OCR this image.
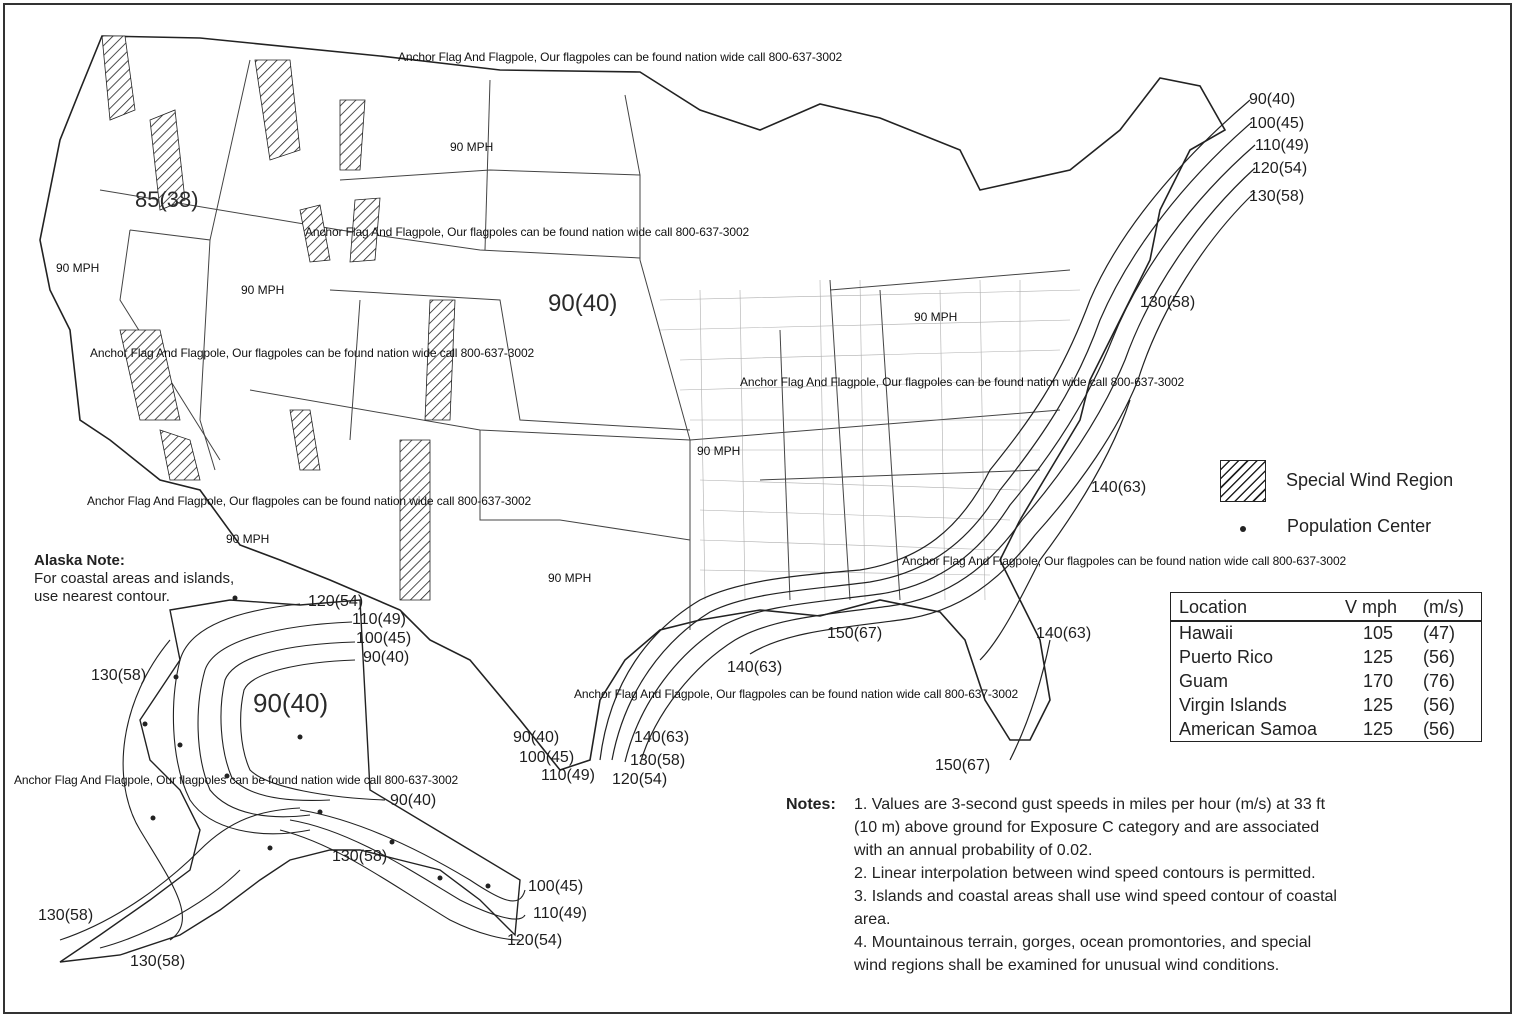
Anchor Flag And Flagpole, Our flagpoles can be found nation wide call 800-637-3002
Anchor Flag And Flagpole, Our flagpoles can be found nation wide call 800-637-3002
Anchor Flag And Flagpole, Our flagpoles can be found nation wide call 800-637-3002
Anchor Flag And Flagpole, Our flagpoles can be found nation wide call 800-637-3002
Anchor Flag And Flagpole, Our flagpoles can be found nation wide call 800-637-3002
Anchor Flag And Flagpole, Our flagpoles can be found nation wide call 800-637-3002
Anchor Flag And Flagpole, Our flagpoles can be found nation wide call 800-637-3002
Anchor Flag And Flagpole, Our flagpoles can be found nation wide call 800-637-3002
90 MPH
90 MPH
90 MPH
90 MPH
90 MPH
90 MPH
90 MPH
85(38)
90(40)
90(40)
100(45)
110(49)
120(54)
130(58)
130(58)
140(63)
140(63)
150(67)
140(63)
150(67)
90(40)
100(45)
110(49)
140(63)
130(58)
120(54)
Special Wind Region
Population Center
Location	V mph	(m/s)
Hawaii	105 (47)
Puerto Rico	125 (56)
Guam	170 (76)
Virgin Islands	125 (56)
American Samoa	125 (56)
Alaska Note:
For coastal areas and islands,
use nearest contour.	120(54)
110(49)
100(45)
90(40)
130(58)
90(40)
90(40)
130(58)
100(45)
110(49)
120(54)
130(58)
130(58)
Notes: 1. Values are 3-second gust speeds in miles per hour (m/s) at 33 ft
(10 m) above ground for Exposure C category and are associated
with an annual probability of 0.02.
2. Linear interpolation between wind speed contours is permitted.
3. Islands and coastal areas shall use wind speed contour of coastal
area.
4. Mountainous terrain, gorges, ocean promontories, and special
wind regions shall be examined for unusual wind conditions.
